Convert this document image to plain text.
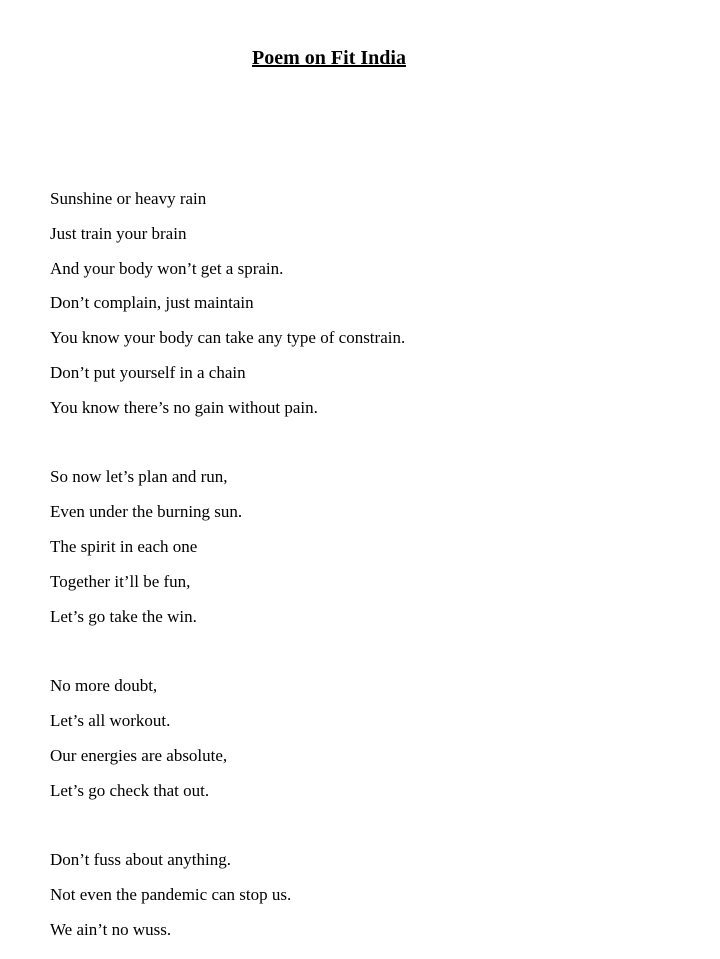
Poem on Fit India
Sunshine or heavy rain
Just train your brain
And your body won’t get a sprain.
Don’t complain, just maintain
You know your body can take any type of constrain.
Don’t put yourself in a chain
You know there’s no gain without pain.
So now let’s plan and run,
Even under the burning sun.
The spirit in each one
Together it’ll be fun,
Let’s go take the win.
No more doubt,
Let’s all workout.
Our energies are absolute,
Let’s go check that out.
Don’t fuss about anything.
Not even the pandemic can stop us.
We ain’t no wuss.
